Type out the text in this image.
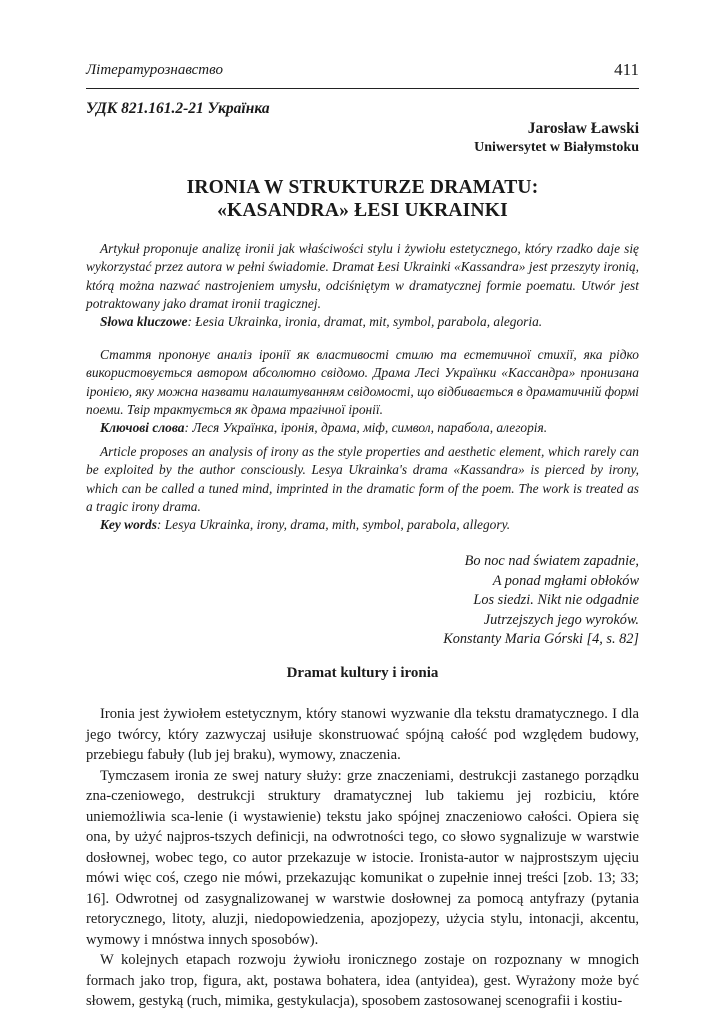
Літературознавство	411
УДК 821.161.2-21 Українка
Jarosław Ławski
Uniwersytet w Białymstoku
IRONIA W STRUKTURZE DRAMATU:
«KASANDRA» ŁESI UKRAINKI

Artykuł proponuje analizę ironii jak właściwości stylu i żywiołu estetycznego, który rzadko daje się wykorzystać przez autora w pełni świadomie. Dramat Łesi Ukrainki «Kassandra» jest przeszyty ironią, którą można nazwać nastrojeniem umysłu, odciśniętym w dramatycznej formie poematu. Utwór jest potraktowany jako dramat ironii tragicznej.

Słowa kluczowe: Łesia Ukrainka, ironia, dramat, mit, symbol, parabola, alegoria.

Стаття пропонує аналіз іронії як властивості стилю та естетичної стихії, яка рідко використовується автором абсолютно свідомо. Драма Лесі Українки «Кассандра» пронизана іронією, яку можна назвати налаштуванням свідомості, що відбивається в драматичній формі поеми. Твір трактується як драма трагічної іронії.

Ключові слова: Леся Українка, іронія, драма, міф, символ, парабола, алегорія.

Article proposes an analysis of irony as the style properties and aesthetic element, which rarely can be exploited by the author consciously. Lesya Ukrainka's drama «Kassandra» is pierced by irony, which can be called a tuned mind, imprinted in the dramatic form of the poem. The work is treated as a tragic irony drama.

Key words: Lesya Ukrainka, irony, drama, mith, symbol, parabola, allegory.

Bo noc nad światem zapadnie,
A ponad mgłami obłoków
Los siedzi. Nikt nie odgadnie
Jutrzejszych jego wyroków.
Konstanty Maria Górski [4, s. 82]
Dramat kultury i ironia

Ironia jest żywiołem estetycznym, który stanowi wyzwanie dla tekstu dramatycznego. I dla jego twórcy, który zazwyczaj usiłuje skonstruować spójną całość pod względem budowy, przebiegu fabuły (lub jej braku), wymowy, znaczenia.

Tymczasem ironia ze swej natury służy: grze znaczeniami, destrukcji zastanego porządku zna-czeniowego, destrukcji struktury dramatycznej lub takiemu jej rozbiciu, które uniemożliwia sca-lenie (i wystawienie) tekstu jako spójnej znaczeniowo całości. Opiera się ona, by użyć najpros-tszych definicji, na odwrotności tego, co słowo sygnalizuje w warstwie dosłownej, wobec tego, co autor przekazuje w istocie. Ironista-autor w najprostszym ujęciu mówi więc coś, czego nie mówi, przekazując komunikat o zupełnie innej treści [zob. 13; 33; 16]. Odwrotnej od zasygnalizowanej w warstwie dosłownej za pomocą antyfrazy (pytania retorycznego, litoty, aluzji, niedopowiedzenia, apozjopezy, użycia stylu, intonacji, akcentu, wymowy i mnóstwa innych sposobów).

W kolejnych etapach rozwoju żywiołu ironicznego zostaje on rozpoznany w mnogich formach jako trop, figura, akt, postawa bohatera, idea (antyidea), gest. Wyrażony może być słowem, gestyką (ruch, mimika, gestykulacja), sposobem zastosowanej scenografii i kostiu-
